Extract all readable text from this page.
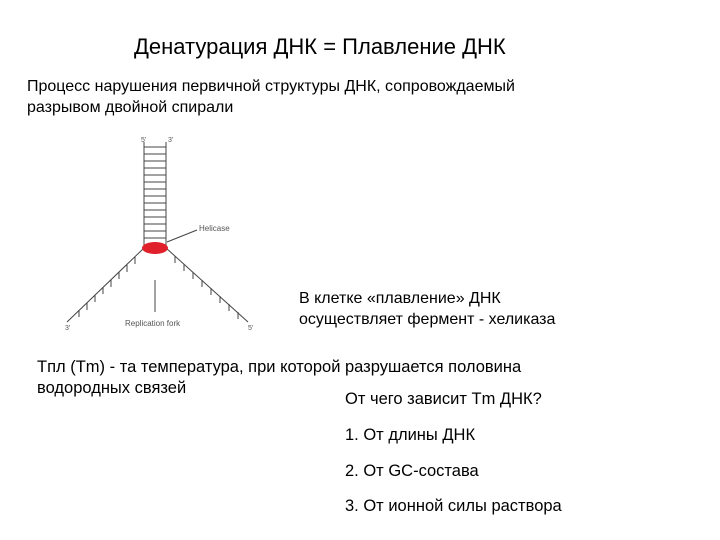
Денатурация ДНК = Плавление ДНК
Процесс нарушения первичной структуры ДНК, сопровождаемый
разрывом двойной спирали
5'	3'
Helicase
Replication fork
3'	5'
В клетке «плавление» ДНК
осуществляет фермент - хеликаза
Tпл (Tm) - та температура, при которой разрушается половина
водородных связей
От чего зависит Tm ДНК?
1. От длины ДНК
2. От GC-состава
3. От ионной силы раствора
